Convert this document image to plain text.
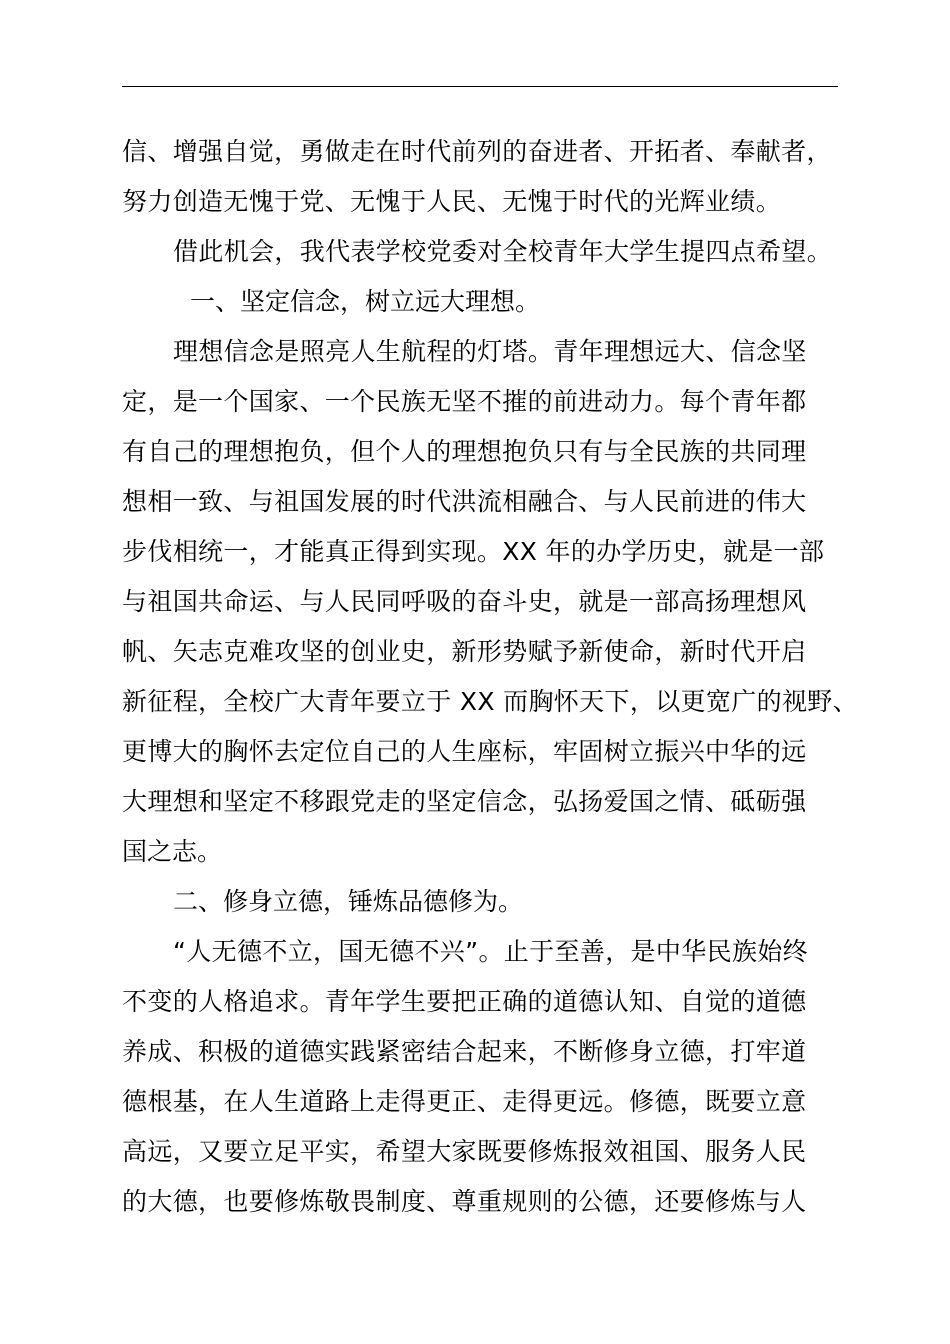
信、增强自觉，勇做走在时代前列的奋进者、开拓者、奉献者，
努力创造无愧于党、无愧于人民、无愧于时代的光辉业绩。
借此机会，我代表学校党委对全校青年大学生提四点希望。
一、坚定信念，树立远大理想。
理想信念是照亮人生航程的灯塔。青年理想远大、信念坚
定，是一个国家、一个民族无坚不摧的前进动力。每个青年都
有自己的理想抱负，但个人的理想抱负只有与全民族的共同理
想相一致、与祖国发展的时代洪流相融合、与人民前进的伟大
步伐相统一，才能真正得到实现。XX 年的办学历史，就是一部
与祖国共命运、与人民同呼吸的奋斗史，就是一部高扬理想风
帆、矢志克难攻坚的创业史，新形势赋予新使命，新时代开启
新征程，全校广大青年要立于 XX 而胸怀天下，以更宽广的视野、
更博大的胸怀去定位自己的人生座标，牢固树立振兴中华的远
大理想和坚定不移跟党走的坚定信念，弘扬爱国之情、砥砺强
国之志。
二、修身立德，锤炼品德修为。
“人无德不立，国无德不兴”。止于至善，是中华民族始终
不变的人格追求。青年学生要把正确的道德认知、自觉的道德
养成、积极的道德实践紧密结合起来，不断修身立德，打牢道
德根基，在人生道路上走得更正、走得更远。修德，既要立意
高远，又要立足平实，希望大家既要修炼报效祖国、服务人民
的大德，也要修炼敬畏制度、尊重规则的公德，还要修炼与人
